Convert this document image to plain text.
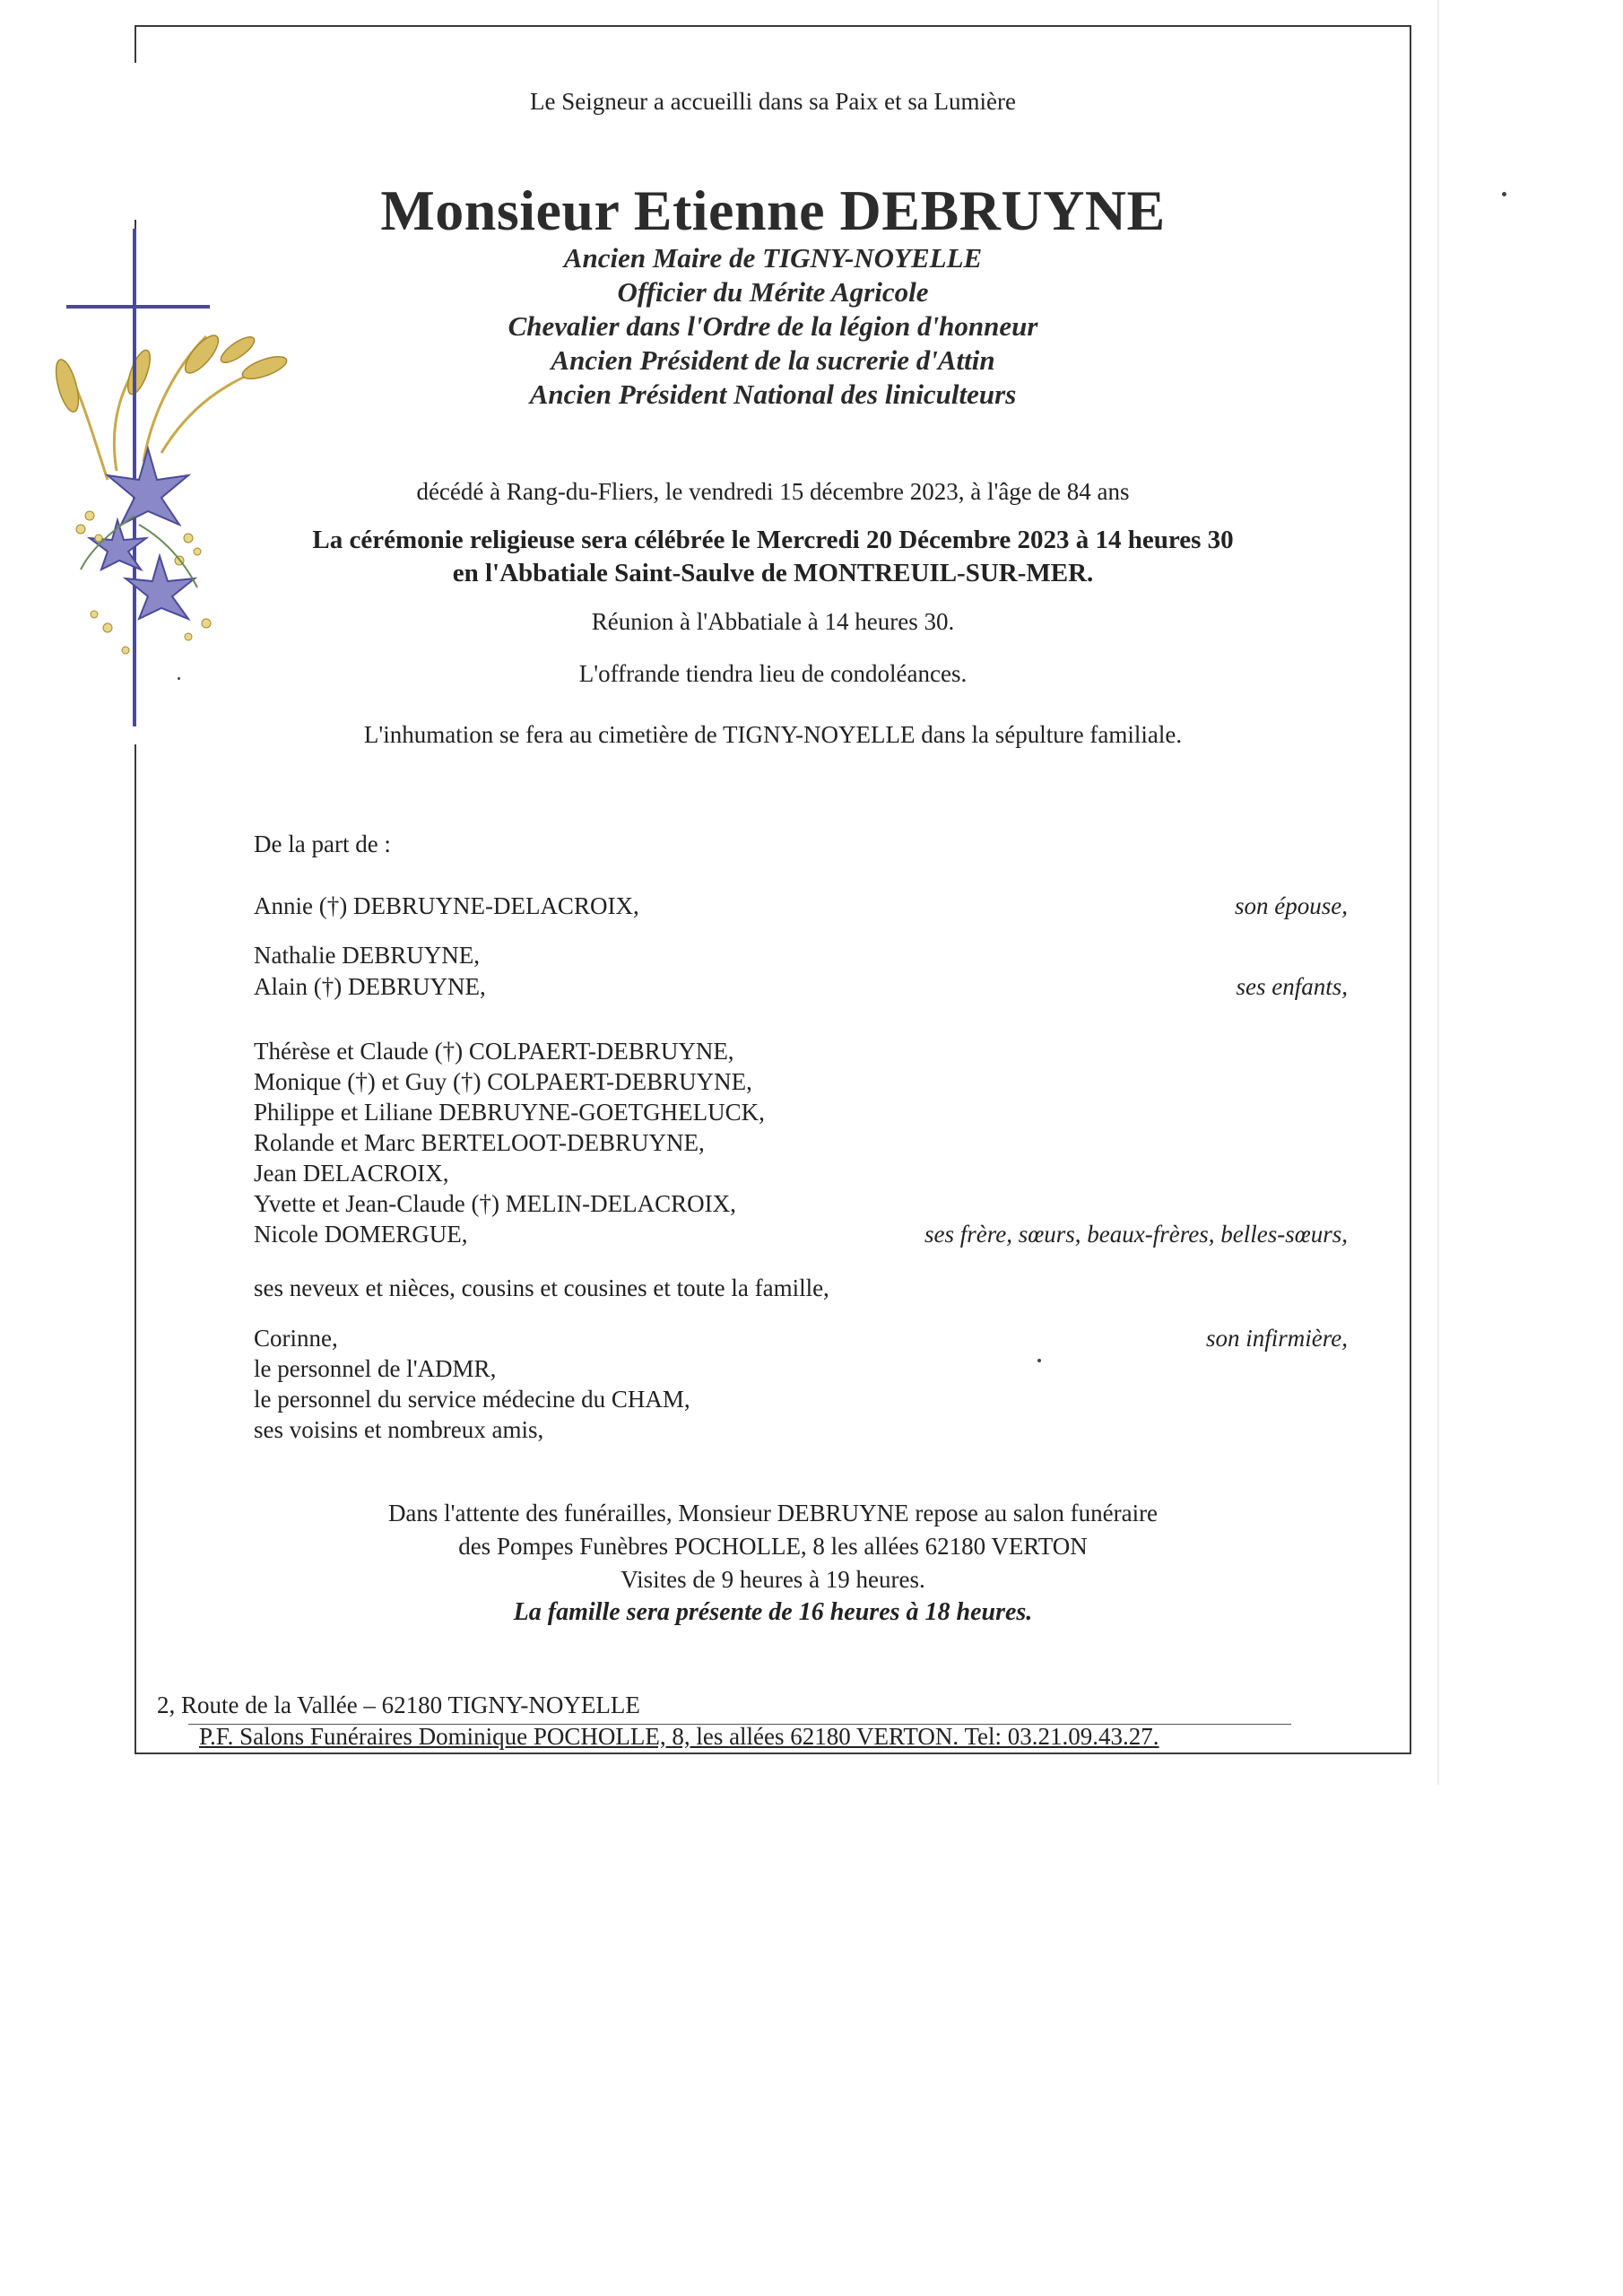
Le Seigneur a accueilli dans sa Paix et sa Lumière
Monsieur Etienne DEBRUYNE
Ancien Maire de TIGNY-NOYELLE
Officier du Mérite Agricole
Chevalier dans l'Ordre de la légion d'honneur
Ancien Président de la sucrerie d'Attin
Ancien Président National des liniculteurs
décédé à Rang-du-Fliers, le vendredi 15 décembre 2023, à l'âge de 84 ans
La cérémonie religieuse sera célébrée le Mercredi 20 Décembre 2023 à 14 heures 30
en l'Abbatiale Saint-Saulve de MONTREUIL-SUR-MER.
Réunion à l'Abbatiale à 14 heures 30.
L'offrande tiendra lieu de condoléances.
L'inhumation se fera au cimetière de TIGNY-NOYELLE dans la sépulture familiale.
De la part de :
Annie (†) DEBRUYNE-DELACROIX,	son épouse,
Nathalie DEBRUYNE,
Alain (†) DEBRUYNE,	ses enfants,
Thérèse et Claude (†) COLPAERT-DEBRUYNE,
Monique (†) et Guy (†) COLPAERT-DEBRUYNE,
Philippe et Liliane DEBRUYNE-GOETGHELUCK,
Rolande et Marc BERTELOOT-DEBRUYNE,
Jean DELACROIX,
Yvette et Jean-Claude (†) MELIN-DELACROIX,
Nicole DOMERGUE,	ses frère, sœurs, beaux-frères, belles-sœurs,
ses neveux et nièces, cousins et cousines et toute la famille,
Corinne,	son infirmière,
le personnel de l'ADMR,
le personnel du service médecine du CHAM,
ses voisins et nombreux amis,
Dans l'attente des funérailles, Monsieur DEBRUYNE repose au salon funéraire
des Pompes Funèbres POCHOLLE, 8 les allées 62180 VERTON
Visites de 9 heures à 19 heures.
La famille sera présente de 16 heures à 18 heures.
2, Route de la Vallée – 62180 TIGNY-NOYELLE
P.F. Salons Funéraires Dominique POCHOLLE, 8, les allées 62180 VERTON. Tel: 03.21.09.43.27.
